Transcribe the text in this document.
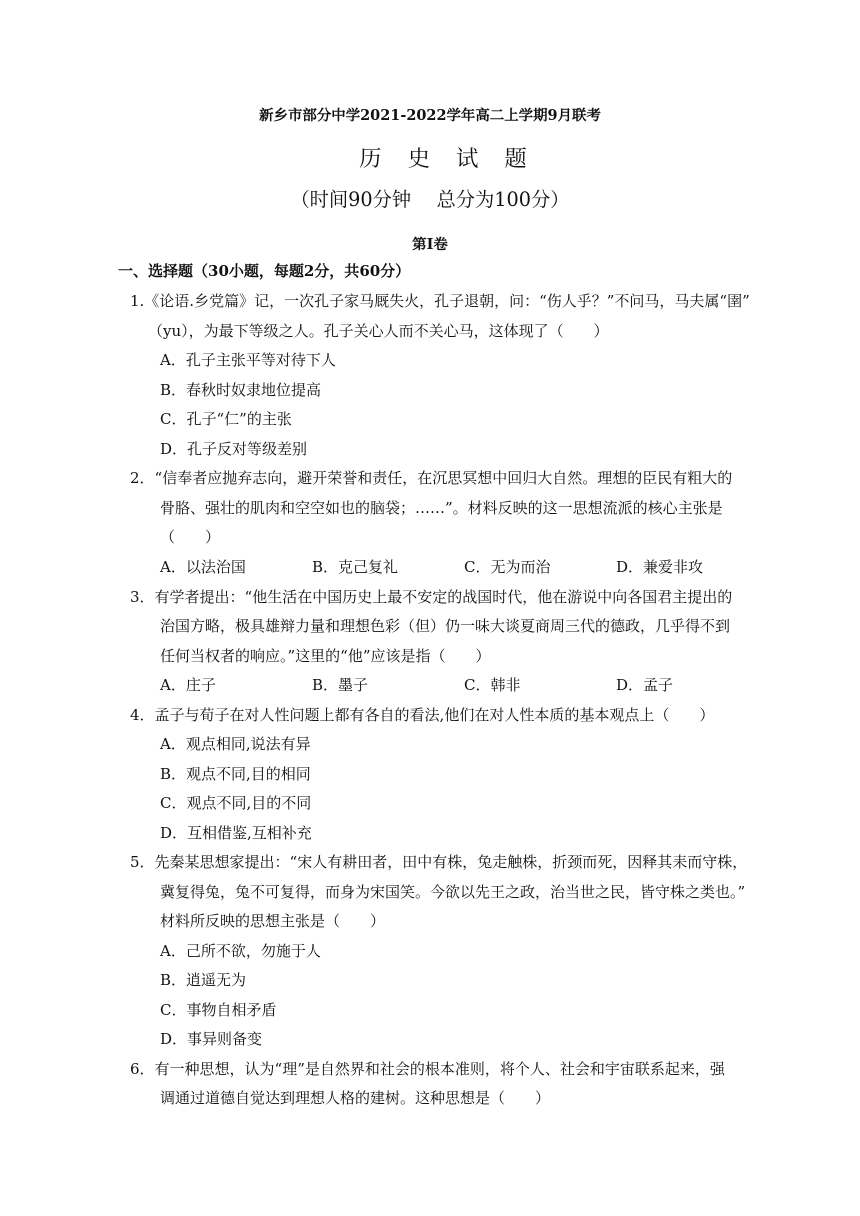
新乡市部分中学2021-2022学年高二上学期9月联考
历史试题
（时间90分钟　 总分为100分）
第I卷
一、选择题（30小题，每题2分，共60分）
1.《论语.乡党篇》记，一次孔子家马厩失火，孔子退朝，问：“伤人乎？”不问马，马夫属“圉”
（yu），为最下等级之人。孔子关心人而不关心马，这体现了（　　）
A．孔子主张平等对待下人
B．春秋时奴隶地位提高
C．孔子“仁”的主张
D．孔子反对等级差别
2．“信奉者应抛弃志向，避开荣誉和责任，在沉思冥想中回归大自然。理想的臣民有粗大的
骨胳、强壮的肌肉和空空如也的脑袋；……”。材料反映的这一思想流派的核心主张是
（　　）
A．以法治国	B．克己复礼	C．无为而治	D．兼爱非攻
3．有学者提出：“他生活在中国历史上最不安定的战国时代，他在游说中向各国君主提出的
治国方略，极具雄辩力量和理想色彩（但）仍一味大谈夏商周三代的德政，几乎得不到
任何当权者的响应。”这里的“他”应该是指（　　）
A．庄子	B．墨子	C．韩非	D．孟子
4．孟子与荀子在对人性问题上都有各自的看法,他们在对人性本质的基本观点上（　　）
A．观点相同,说法有异
B．观点不同,目的相同
C．观点不同,目的不同
D．互相借鉴,互相补充
5．先秦某思想家提出：“宋人有耕田者，田中有株，兔走触株，折颈而死，因释其耒而守株，
冀复得兔，兔不可复得，而身为宋国笑。今欲以先王之政，治当世之民，皆守株之类也。”
材料所反映的思想主张是（　　）
A．己所不欲，勿施于人
B．逍遥无为
C．事物自相矛盾
D．事异则备变
6．有一种思想，认为“理”是自然界和社会的根本准则，将个人、社会和宇宙联系起来，强
调通过道德自觉达到理想人格的建树。这种思想是（　　）
